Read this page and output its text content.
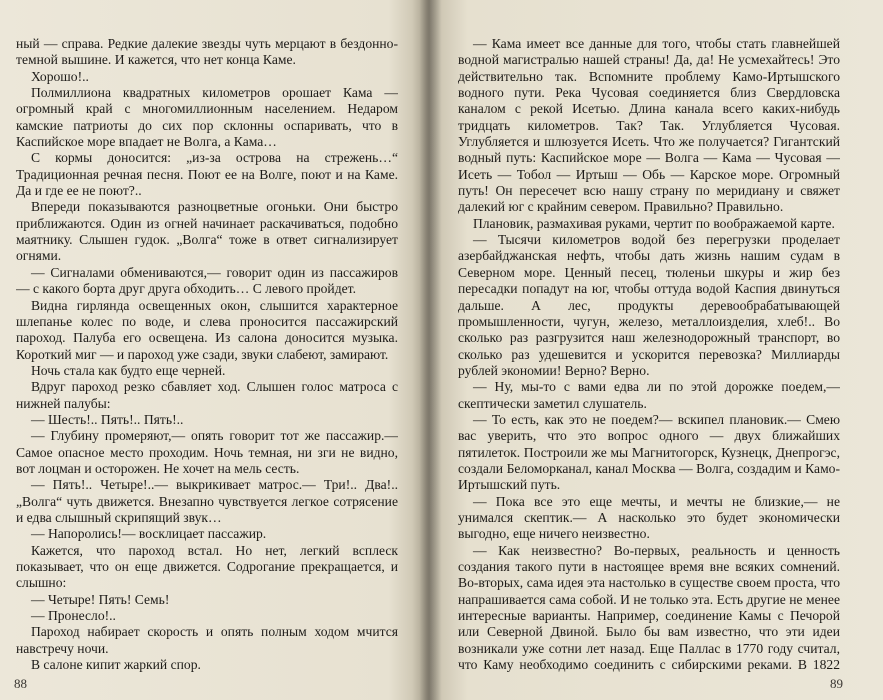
ный — справа. Редкие далекие звезды чуть мерцают в бездонно-темной вышине. И кажется, что нет конца Каме.

Хорошо!..

Полмиллиона квадратных километров орошает Кама — огромный край с многомиллионным населением. Недаром камские патриоты до сих пор склонны оспаривать, что в Каспийское море впадает не Волга, а Кама…

С кормы доносится: „из-за острова на стрежень…“ Традиционная речная песня. Поют ее на Волге, поют и на Каме. Да и где ее не поют?..

Впереди показываются разноцветные огоньки. Они быстро приближаются. Один из огней начинает раскачиваться, подобно маятнику. Слышен гудок. „Волга“ тоже в ответ сигнализирует огнями.

— Сигналами обмениваются,— говорит один из пассажиров — с какого борта друг друга обходить… С левого пройдет.

Видна гирлянда освещенных окон, слышится характерное шлепанье колес по воде, и слева проносится пассажирский пароход. Палуба его освещена. Из салона доносится музыка. Короткий миг — и пароход уже сзади, звуки слабеют, замирают.

Ночь стала как будто еще черней.

Вдруг пароход резко сбавляет ход. Слышен голос матроса с нижней палубы:

— Шесть!.. Пять!.. Пять!..

— Глубину промеряют,— опять говорит тот же пассажир.— Самое опасное место проходим. Ночь темная, ни зги не видно, вот лоцман и осторожен. Не хочет на мель сесть.

— Пять!.. Четыре!..— выкрикивает матрос.— Три!.. Два!.. „Волга“ чуть движется. Внезапно чувствуется легкое сотрясение и едва слышный скрипящий звук…

— Напоролись!— восклицает пассажир.

Кажется, что пароход встал. Но нет, легкий всплеск показывает, что он еще движется. Содрогание прекращается, и слышно:

— Четыре! Пять! Семь!

— Пронесло!..

Пароход набирает скорость и опять полным ходом мчится навстречу ночи.

В салоне кипит жаркий спор.

88

— Кама имеет все данные для того, чтобы стать главнейшей водной магистралью нашей страны! Да, да! Не усмехайтесь! Это действительно так. Вспомните проблему Камо-Иртышского водного пути. Река Чусовая соединяется близ Свердловска каналом с рекой Исетью. Длина канала всего каких-нибудь тридцать километров. Так? Так. Углубляется Чусовая. Углубляется и шлюзуется Исеть. Что же получается? Гигантский водный путь: Каспийское море — Волга — Кама — Чусовая — Исеть — Тобол — Иртыш — Обь — Карское море. Огромный путь! Он пересечет всю нашу страну по меридиану и свяжет далекий юг с крайним севером. Правильно? Правильно.

Плановик, размахивая руками, чертит по воображаемой карте.

— Тысячи километров водой без перегрузки проделает азербайджанская нефть, чтобы дать жизнь нашим судам в Северном море. Ценный песец, тюленьи шкуры и жир без пересадки попадут на юг, чтобы оттуда водой Каспия двинуться дальше. А лес, продукты деревообрабатывающей промышленности, чугун, железо, металлоизделия, хлеб!.. Во сколько раз разгрузится наш железнодорожный транспорт, во сколько раз удешевится и ускорится перевозка? Миллиарды рублей экономии! Верно? Верно.

— Ну, мы-то с вами едва ли по этой дорожке поедем,— скептически заметил слушатель.

— То есть, как это не поедем?— вскипел плановик.— Смею вас уверить, что это вопрос одного — двух ближайших пятилеток. Построили же мы Магнитогорск, Кузнецк, Днепрогэс, создали Беломорканал, канал Москва — Волга, создадим и Камо-Иртышский путь.

— Пока все это еще мечты, и мечты не близкие,— не унимался скептик.— А насколько это будет экономически выгодно, еще ничего неизвестно.

— Как неизвестно? Во-первых, реальность и ценность создания такого пути в настоящее время вне всяких сомнений. Во-вторых, сама идея эта настолько в существе своем проста, что напрашивается сама собой. И не только эта. Есть другие не менее интересные варианты. Например, соединение Камы с Печорой или Северной Двиной. Было бы вам известно, что эти идеи возникали уже сотни лет назад. Еще Паллас в 1770 году считал, что Каму необходимо соединить с сибирскими реками. В 1822

89
